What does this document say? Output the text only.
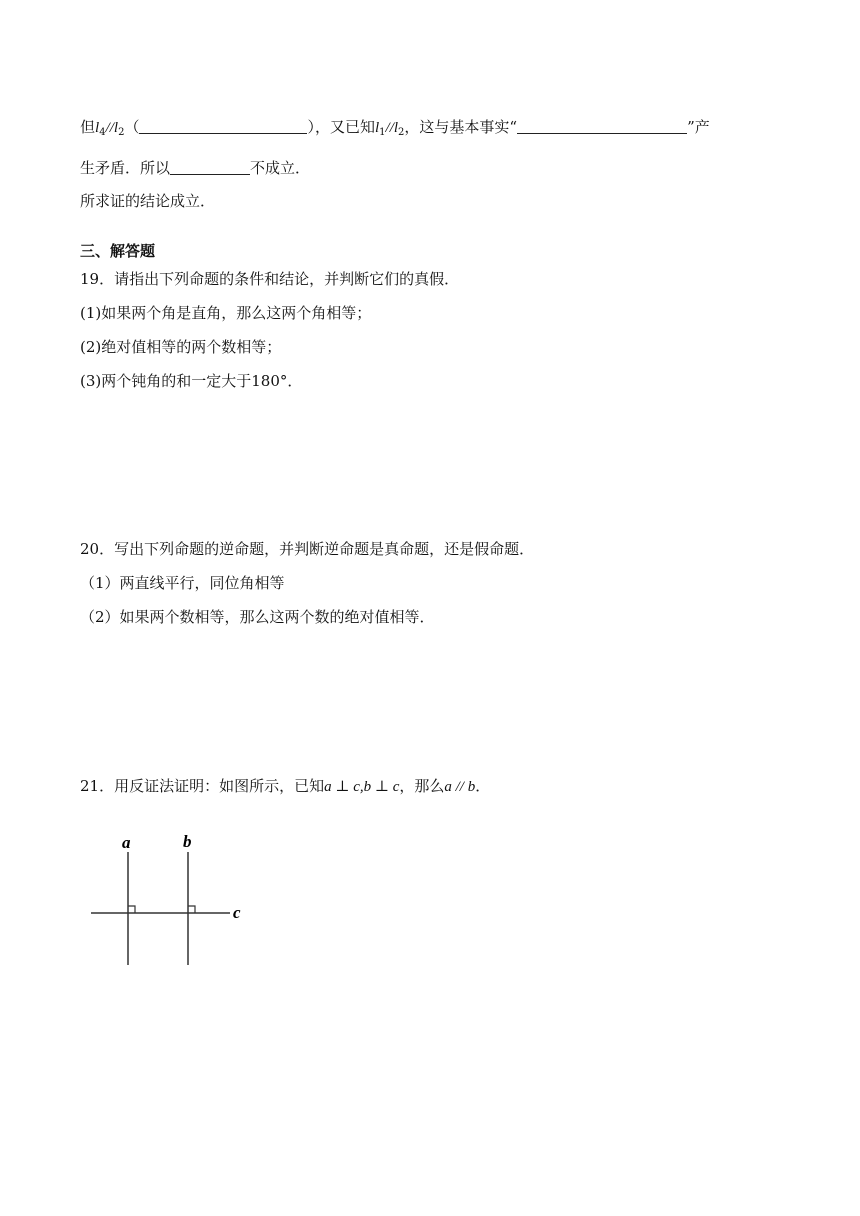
但$l_4//l_2$（	），又已知$l_1//l_2$，这与基本事实“	”产
生矛盾．所以	不成立．
所求证的结论成立．
三、解答题
19．请指出下列命题的条件和结论，并判断它们的真假．
(1)如果两个角是直角，那么这两个角相等；
(2)绝对值相等的两个数相等；
(3)两个钝角的和一定大于180°．
20．写出下列命题的逆命题，并判断逆命题是真命题，还是假命题．
（1）两直线平行，同位角相等
（2）如果两个数相等，那么这两个数的绝对值相等．
21．用反证法证明：如图所示，已知a ⊥ c,b ⊥ c，那么a // b．
a	b
c
